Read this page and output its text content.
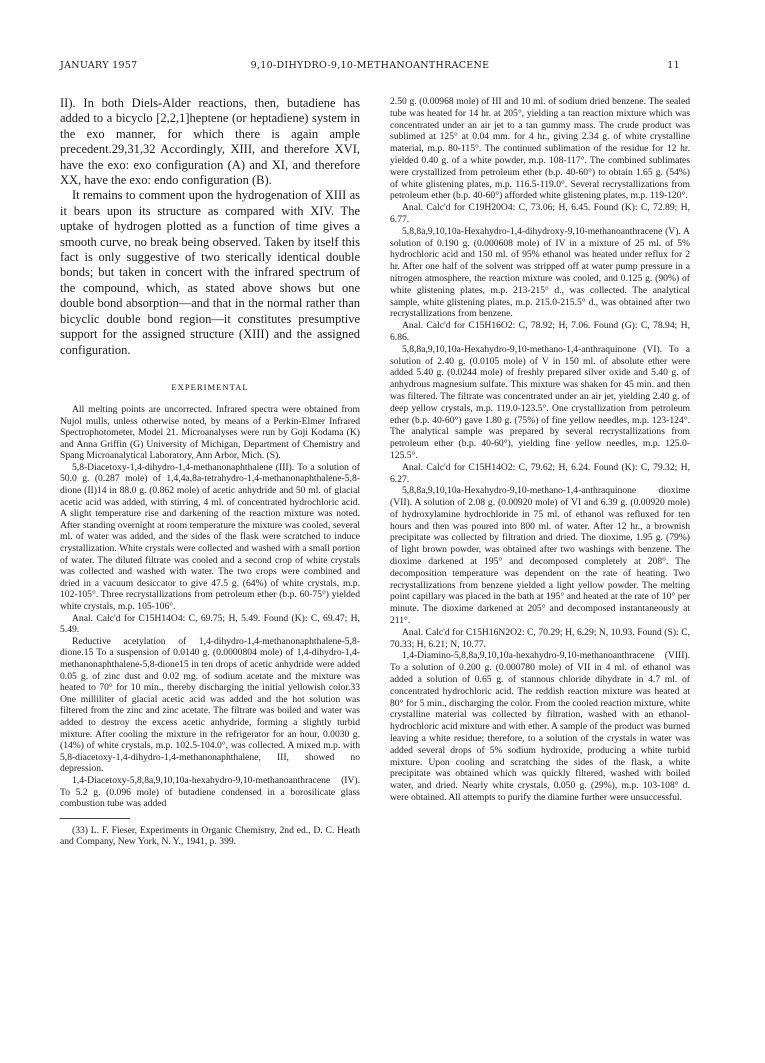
JANUARY 1957	9,10-DIHYDRO-9,10-METHANOANTHRACENE	11

II). In both Diels-Alder reactions, then, butadiene has added to a bicyclo [2,2,1]heptene (or heptadiene) system in the exo manner, for which there is again ample precedent.29,31,32 Accordingly, XIII, and therefore XVI, have the exo: exo configuration (A) and XI, and therefore XX, have the exo: endo configuration (B).

It remains to comment upon the hydrogenation of XIII as it bears upon its structure as compared with XIV. The uptake of hydrogen plotted as a function of time gives a smooth curve, no break being observed. Taken by itself this fact is only suggestive of two sterically identical double bonds; but taken in concert with the infrared spectrum of the compound, which, as stated above shows but one double bond absorption—and that in the normal rather than bicyclic double bond region—it constitutes presumptive support for the assigned structure (XIII) and the assigned configuration.

EXPERIMENTAL

All melting points are uncorrected. Infrared spectra were obtained from Nujol mulls, unless otherwise noted, by means of a Perkin-Elmer Infrared Spectrophotometer, Model 21. Microanalyses were run by Goji Kodama (K) and Anna Griffin (G) University of Michigan, Department of Chemistry and Spang Microanalytical Laboratory, Ann Arbor, Mich. (S).

5,8-Diacetoxy-1,4-dihydro-1,4-methanonaphthalene (III). To a solution of 50.0 g. (0.287 mole) of 1,4,4a,8a-tetrahydro-1,4-methanonaphthalene-5,8-dione (II)14 in 88.0 g. (0.862 mole) of acetic anhydride and 50 ml. of glacial acetic acid was added, with stirring, 4 ml. of concentrated hydrochloric acid. A slight temperature rise and darkening of the reaction mixture was noted. After standing overnight at room temperature the mixture was cooled, several ml. of water was added, and the sides of the flask were scratched to induce crystallization. White crystals were collected and washed with a small portion of water. The diluted filtrate was cooled and a second crop of white crystals was collected and washed with water. The two crops were combined and dried in a vacuum desiccator to give 47.5 g. (64%) of white crystals, m.p. 102-105°. Three recrystallizations from petroleum ether (b.p. 60-75°) yielded white crystals, m.p. 105-106°.

Anal. Calc'd for C15H14O4: C, 69.75; H, 5.49. Found (K): C, 69.47; H, 5.49.

Reductive acetylation of 1,4-dihydro-1,4-methanonaphthalene-5,8-dione.15 To a suspension of 0.0140 g. (0.0000804 mole) of 1,4-dihydro-1,4-methanonaphthalene-5,8-dione15 in ten drops of acetic anhydride were added 0.05 g. of zinc dust and 0.02 mg. of sodium acetate and the mixture was heated to 70° for 10 min., thereby discharging the initial yellowish color.33 One milliliter of glacial acetic acid was added and the hot solution was filtered from the zinc and zinc acetate. The filtrate was boiled and water was added to destroy the excess acetic anhydride, forming a slightly turbid mixture. After cooling the mixture in the refrigerator for an hour, 0.0030 g. (14%) of white crystals, m.p. 102.5-104.0°, was collected. A mixed m.p. with 5,8-diacetoxy-1,4-dihydro-1,4-methanonaphthalene, III, showed no depression.

1,4-Diacetoxy-5,8,8a,9,10,10a-hexahydro-9,10-methanoanthracene (IV). To 5.2 g. (0.096 mole) of butadiene condensed in a borosilicate glass combustion tube was added

(33) L. F. Fieser, Experiments in Organic Chemistry, 2nd ed., D. C. Heath and Company, New York, N. Y., 1941, p. 399.

2.50 g. (0.00968 mole) of III and 10 ml. of sodium dried benzene. The sealed tube was heated for 14 hr. at 205°, yielding a tan reaction mixture which was concentrated under an air jet to a tan gummy mass. The crude product was sublimed at 125° at 0.04 mm. for 4 hr., giving 2.34 g. of white crystalline material, m.p. 80-115°. The continued sublimation of the residue for 12 hr. yielded 0.40 g. of a white powder, m.p. 108-117°. The combined sublimates were crystallized from petroleum ether (b.p. 40-60°) to obtain 1.65 g. (54%) of white glistening plates, m.p. 116.5-119.0°. Several recrystallizations from petroleum ether (b.p. 40-60°) afforded white glistening plates, m.p. 119-120°.

Anal. Calc'd for C19H20O4: C, 73.06; H, 6.45. Found (K): C, 72.89; H, 6.77.

5,8,8a,9,10,10a-Hexahydro-1,4-dihydroxy-9,10-methanoanthracene (V). A solution of 0.190 g. (0.000608 mole) of IV in a mixture of 25 ml. of 5% hydrochloric acid and 150 ml. of 95% ethanol was heated under reflux for 2 hr. After one half of the solvent was stripped off at water pump pressure in a nitrogen atmosphere, the reaction mixture was cooled, and 0.125 g. (90%) of white glistening plates, m.p. 213-215° d., was collected. The analytical sample, white glistening plates, m.p. 215.0-215.5° d., was obtained after two recrystallizations from benzene.

Anal. Calc'd for C15H16O2: C, 78.92; H, 7.06. Found (G): C, 78.94; H, 6.86.

5,8,8a,9,10,10a-Hexahydro-9,10-methano-1,4-anthraquinone (VI). To a solution of 2.40 g. (0.0105 mole) of V in 150 ml. of absolute ether were added 5.40 g. (0.0244 mole) of freshly prepared silver oxide and 5.40 g. of anhydrous magnesium sulfate. This mixture was shaken for 45 min. and then was filtered. The filtrate was concentrated under an air jet, yielding 2.40 g. of deep yellow crystals, m.p. 119.0-123.5°. One crystallization from petroleum ether (b.p. 40-60°) gave 1.80 g. (75%) of fine yellow needles, m.p. 123-124°. The analytical sample was prepared by several recrystallizations from petroleum ether (b.p. 40-60°), yielding fine yellow needles, m.p. 125.0-125.5°.

Anal. Calc'd for C15H14O2: C, 79.62; H, 6.24. Found (K): C, 79.32; H, 6.27.

5,8,8a,9,10,10a-Hexahydro-9,10-methano-1,4-anthraquinone dioxime (VII). A solution of 2.08 g. (0.00920 mole) of VI and 6.39 g. (0.00920 mole) of hydroxylamine hydrochloride in 75 ml. of ethanol was refluxed for ten hours and then was poured into 800 ml. of water. After 12 hr., a brownish precipitate was collected by filtration and dried. The dioxime, 1.95 g. (79%) of light brown powder, was obtained after two washings with benzene. The dioxime darkened at 195° and decomposed completely at 208°. The decomposition temperature was dependent on the rate of heating. Two recrystallizations from benzene yielded a light yellow powder. The melting point capillary was placed in the bath at 195° and heated at the rate of 10° per minute. The dioxime darkened at 205° and decomposed instantaneously at 211°.

Anal. Calc'd for C15H16N2O2: C, 70.29; H, 6.29; N, 10.93. Found (S): C, 70.33; H, 6.21; N, 10.77.

1,4-Diamino-5,8,8a,9,10,10a-hexahydro-9,10-methanoanthracene (VIII). To a solution of 0.200 g. (0.000780 mole) of VII in 4 ml. of ethanol was added a solution of 0.65 g. of stannous chloride dihydrate in 4.7 ml. of concentrated hydrochloric acid. The reddish reaction mixture was heated at 80° for 5 min., discharging the color. From the cooled reaction mixture, white crystalline material was collected by filtration, washed with an ethanol-hydrochloric acid mixture and with ether. A sample of the product was burned leaving a white residue; therefore, to a solution of the crystals in water was added several drops of 5% sodium hydroxide, producing a white turbid mixture. Upon cooling and scratching the sides of the flask, a white precipitate was obtained which was quickly filtered, washed with boiled water, and dried. Nearly white crystals, 0.050 g. (29%), m.p. 103-108° d. were obtained. All attempts to purify the diamine further were unsuccessful.
